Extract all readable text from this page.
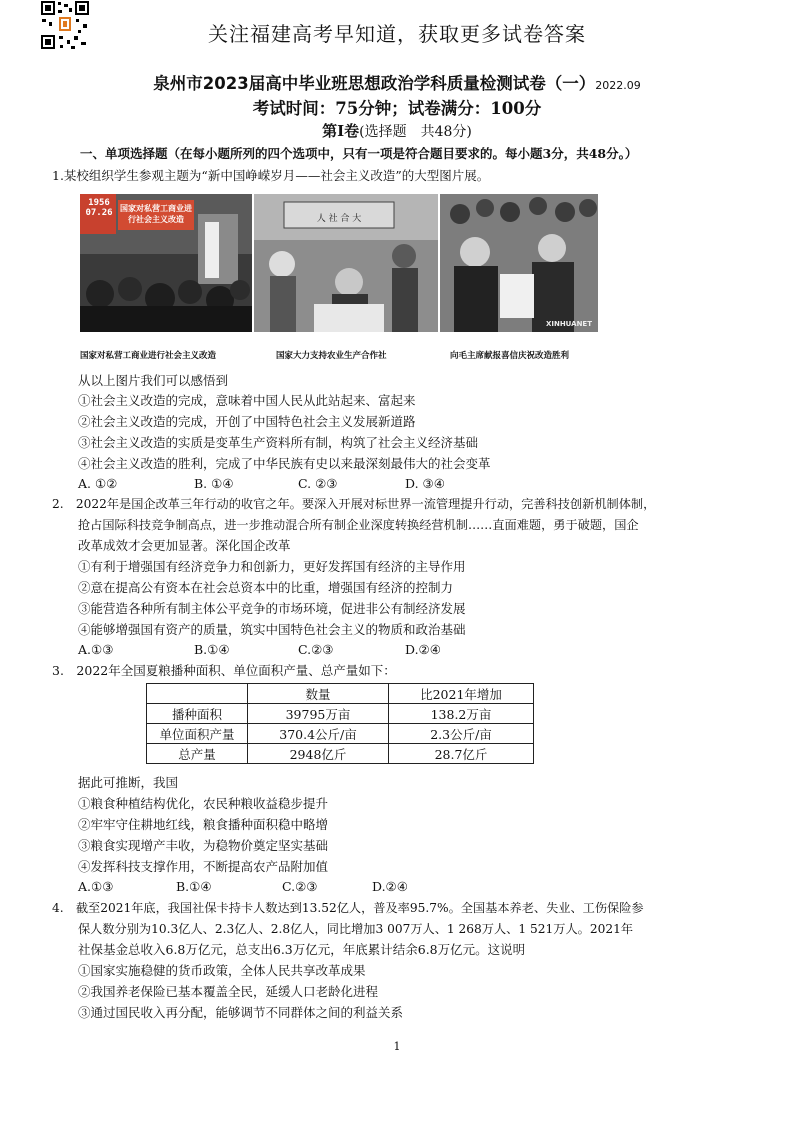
关注福建高考早知道，获取更多试卷答案
泉州市2023届高中毕业班思想政治学科质量检测试卷（一）2022.09
考试时间：75分钟；试卷满分：100分
第Ⅰ卷(选择题　共48分)
一、单项选择题（在每小题所列的四个选项中，只有一项是符合题目要求的。每小题3分，共48分。）
1.某校组织学生参观主题为“新中国峥嵘岁月——社会主义改造”的大型图片展。
1956
07.26 国家对私营工商业进行社会主义改造	人 社 合 大
XINHUANET
国家对私营工商业进行社会主义改造	国家大力支持农业生产合作社	向毛主席献报喜信庆祝改造胜利
从以上图片我们可以感悟到
①社会主义改造的完成，意味着中国人民从此站起来、富起来
②社会主义改造的完成，开创了中国特色社会主义发展新道路
③社会主义改造的实质是变革生产资料所有制，构筑了社会主义经济基础
④社会主义改造的胜利，完成了中华民族有史以来最深刻最伟大的社会变革
A. ①②	B. ①④	C. ②③	D. ③④
2.　2022年是国企改革三年行动的收官之年。要深入开展对标世界一流管理提升行动，完善科技创新机制体制，
抢占国际科技竞争制高点，进一步推动混合所有制企业深度转换经营机制……直面难题，勇于破题，国企
改革成效才会更加显著。深化国企改革
①有利于增强国有经济竞争力和创新力，更好发挥国有经济的主导作用
②意在提高公有资本在社会总资本中的比重，增强国有经济的控制力
③能营造各种所有制主体公平竞争的市场环境，促进非公有制经济发展
④能够增强国有资产的质量，筑实中国特色社会主义的物质和政治基础
A.①③	B.①④	C.②③	D.②④
3.　2022年全国夏粮播种面积、单位面积产量、总产量如下：
	数量	比2021年增加
播种面积	39795万亩	138.2万亩
单位面积产量	370.4公斤/亩	2.3公斤/亩
总产量	2948亿斤	28.7亿斤
据此可推断，我国
①粮食种植结构优化，农民种粮收益稳步提升
②牢牢守住耕地红线，粮食播种面积稳中略增
③粮食实现增产丰收，为稳物价奠定坚实基础
④发挥科技支撑作用，不断提高农产品附加值
A.①③	B.①④	C.②③	D.②④
4.　截至2021年底，我国社保卡持卡人数达到13.52亿人，普及率95.7%。全国基本养老、失业、工伤保险参
保人数分别为10.3亿人、2.3亿人、2.8亿人，同比增加3 007万人、1 268万人、1 521万人。2021年
社保基金总收入6.8万亿元，总支出6.3万亿元，年底累计结余6.8万亿元。这说明
①国家实施稳健的货币政策，全体人民共享改革成果
②我国养老保险已基本覆盖全民，延缓人口老龄化进程
③通过国民收入再分配，能够调节不同群体之间的利益关系
1
